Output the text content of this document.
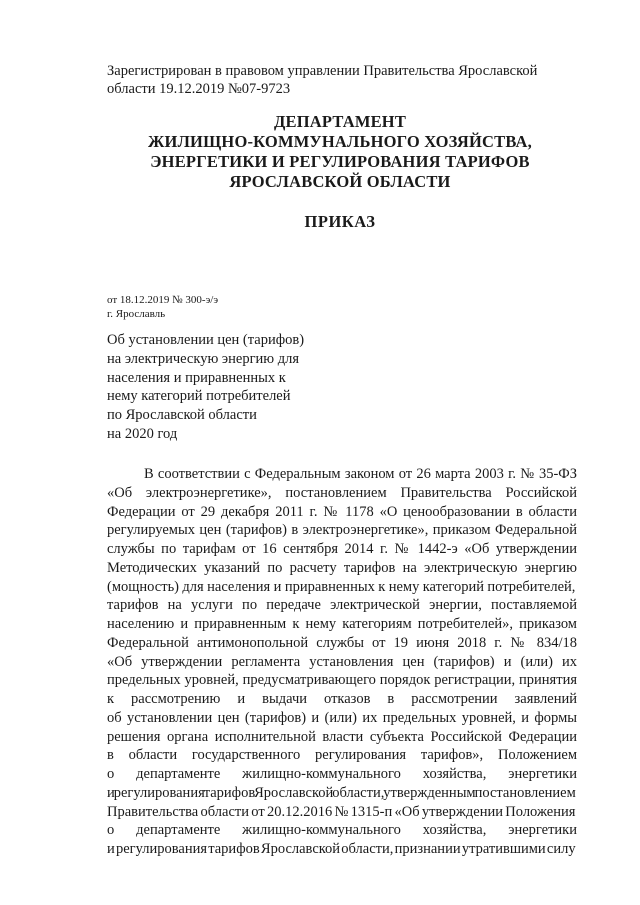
Зарегистрирован в правовом управлении Правительства Ярославской
области 19.12.2019 №07-9723
ДЕПАРТАМЕНТ
ЖИЛИЩНО-КОММУНАЛЬНОГО ХОЗЯЙСТВА,
ЭНЕРГЕТИКИ И РЕГУЛИРОВАНИЯ ТАРИФОВ
ЯРОСЛАВСКОЙ ОБЛАСТИ
ПРИКАЗ
от 18.12.2019 № 300-э/э
г. Ярославль
Об установлении цен (тарифов)
на электрическую энергию для
населения и приравненных к
нему категорий потребителей
по Ярославской области
на 2020 год
В соответствии с Федеральным законом от 26 марта 2003 г. № 35-ФЗ
«Об электроэнергетике», постановлением Правительства Российской
Федерации от 29 декабря 2011 г. № 1178 «О ценообразовании в области
регулируемых цен (тарифов) в электроэнергетике», приказом Федеральной
службы по тарифам от 16 сентября 2014 г. № 1442-э «Об утверждении
Методических указаний по расчету тарифов на электрическую энергию
(мощность) для населения и приравненных к нему категорий потребителей,
тарифов на услуги по передаче электрической энергии, поставляемой
населению и приравненным к нему категориям потребителей», приказом
Федеральной антимонопольной службы от 19 июня 2018 г. № 834/18
«Об утверждении регламента установления цен (тарифов) и (или) их
предельных уровней, предусматривающего порядок регистрации, принятия
к рассмотрению и выдачи отказов в рассмотрении заявлений
об установлении цен (тарифов) и (или) их предельных уровней, и формы
решения органа исполнительной власти субъекта Российской Федерации
в области государственного регулирования тарифов», Положением
о департаменте жилищно-коммунального хозяйства, энергетики
и регулирования тарифов Ярославской области, утвержденным постановлением
Правительства области от 20.12.2016 № 1315-п «Об утверждении Положения
о департаменте жилищно-коммунального хозяйства, энергетики
и регулирования тарифов Ярославской области, признании утратившими силу
